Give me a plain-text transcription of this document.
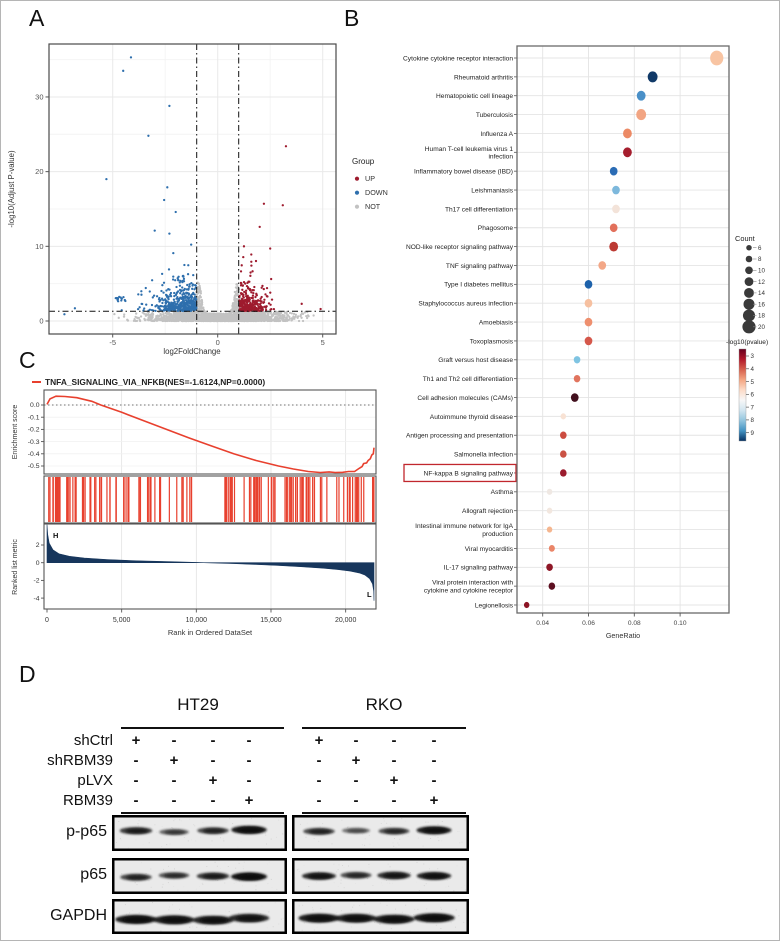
A	B
C
D
-5	0	5
0
10
20
30
log2FoldChange
-log10(Adjust P-value)	Group
UP
DOWN
NOT
Cytokine cytokine receptor interaction
Rheumatoid arthritis
Hematopoietic cell lineage
Tuberculosis
Influenza A
Human T-cell leukemia virus 1 infection
Inflammatory bowel disease (IBD)
Leishmaniasis
Th17 cell differentiation
Phagosome
NOD-like receptor signaling pathway
TNF signaling pathway
Type I diabetes mellitus
Staphylococcus aureus infection
Amoebiasis
Toxoplasmosis
Graft versus host disease
Th1 and Th2 cell differentiation
Cell adhesion molecules (CAMs)
Autoimmune thyroid disease
Antigen processing and presentation
Salmonella infection
NF-kappa B signaling pathway
Asthma
Allograft rejection
Intestinal immune network for IgA production
Viral myocarditis
IL-17 signaling pathway
Viral protein interaction with cytokine and cytokine receptor
Legionellosis
0.04	0.06	0.08	0.10
GeneRatio
Count
6
8
10
12
14
16
18
20
-log10(pvalue)
3
4
5
6
7
8
9
H
L
0.0
-0.1
-0.2
-0.3
-0.4
-0.5
2
0
-2
-4
0	5,000	10,000	15,000	20,000
Rank in Ordered DataSet
Enrichment score
Ranked list metric
TNFA_SIGNALING_VIA_NFKB(NES=-1.6124,NP=0.0000)
HT29	RKO
shCtrl +	-	-	-	+	-	-	-
shRBM39	-	+	-	-	-	+	-	-
pLVX	-	-	+	-	-	-	+	-
RBM39	-	-	-	+	-	-	-	+
p-p65
p65
GAPDH
